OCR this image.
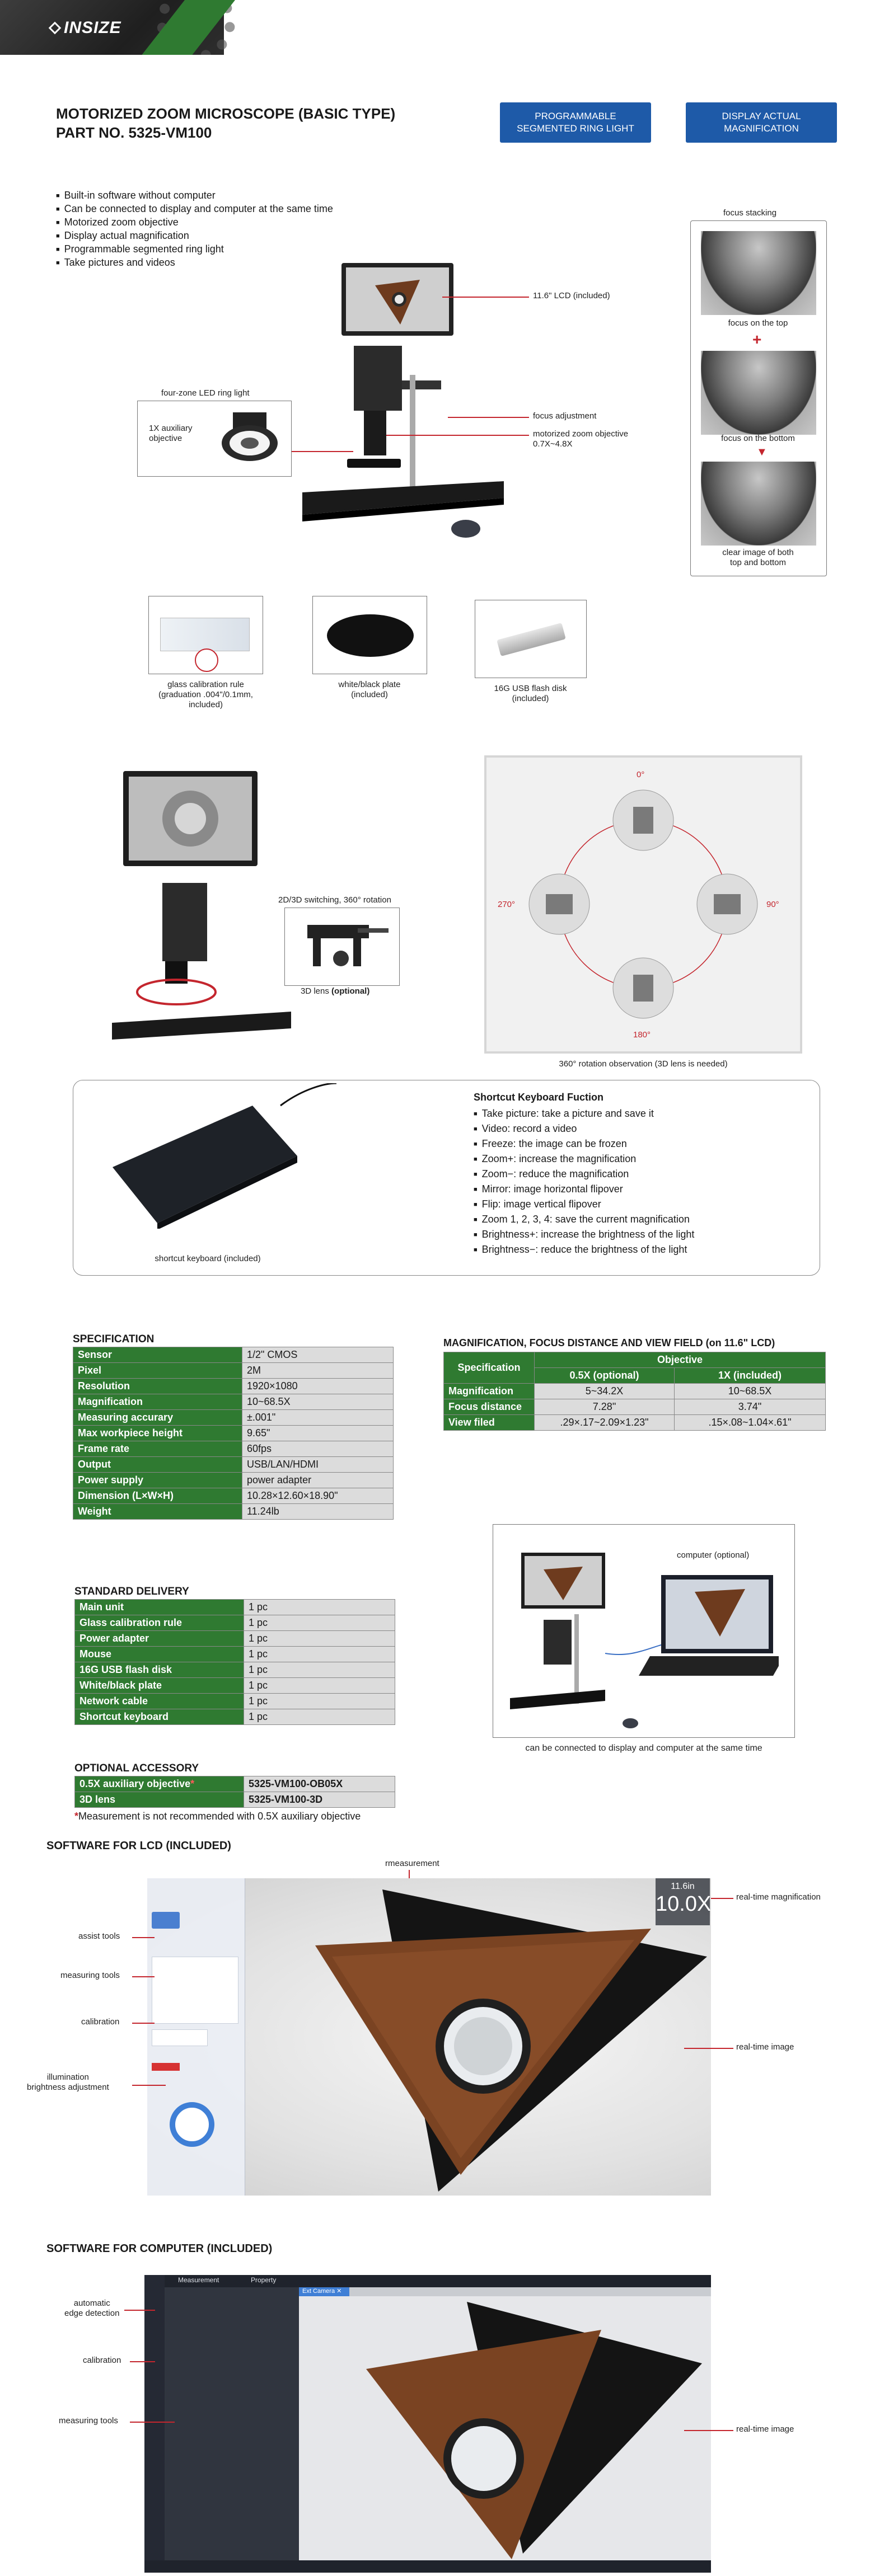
INSIZE
MOTORIZED ZOOM MICROSCOPE (BASIC TYPE)
PART NO. 5325-VM100
PROGRAMMABLE SEGMENTED RING LIGHT
DISPLAY ACTUAL MAGNIFICATION
■ Built-in software without computer
■ Can be connected to display and computer at the same time
■ Motorized zoom objective
■ Display actual magnification
■ Programmable segmented ring light
■ Take pictures and videos
11.6" LCD (included)
focus adjustment
motorized zoom objective
0.7X~4.8X
four-zone LED ring light
1X auxiliary
objective
focus stacking
focus on the top
+
focus on the bottom
▼
clear image of both
top and bottom
glass calibration rule
(graduation .004"/0.1mm,
included)
white/black plate
(included)
16G USB flash disk
(included)
2D/3D switching, 360° rotation
3D lens (optional)
0°
90°
180°
270°
360° rotation observation (3D lens is needed)
shortcut keyboard (included)
Shortcut Keyboard Fuction
■ Take picture: take a picture and save it
■ Video: record a video
■ Freeze: the image can be frozen
■ Zoom+: increase the magnification
■ Zoom−: reduce the magnification
■ Mirror: image horizontal flipover
■ Flip: image vertical flipover
■ Zoom 1, 2, 3, 4: save the current magnification
■ Brightness+: increase the brightness of the light
■ Brightness−: reduce the brightness of the light
SPECIFICATION
Sensor	1/2" CMOS
Pixel	2M
Resolution	1920×1080
Magnification	10~68.5X
Measuring accurary	±.001"
Max workpiece height	9.65"
Frame rate	60fps
Output	USB/LAN/HDMI
Power supply	power adapter
Dimension (L×W×H)	10.28×12.60×18.90"
Weight	11.24lb
MAGNIFICATION, FOCUS DISTANCE AND VIEW FIELD (on 11.6" LCD)
Specification	Objective	
	0.5X (optional)	1X (included)
Magnification	5~34.2X	10~68.5X
Focus distance	7.28"	3.74"
View filed	.29×.17~2.09×1.23"	.15×.08~1.04×.61"
computer (optional)
can be connected to display and computer at the same time
STANDARD DELIVERY
Main unit	1 pc
Glass calibration rule	1 pc
Power adapter	1 pc
Mouse	1 pc
16G USB flash disk	1 pc
White/black plate	1 pc
Network cable	1 pc
Shortcut keyboard	1 pc
OPTIONAL ACCESSORY
0.5X auxiliary objective*	5325-VM100-OB05X
3D lens	5325-VM100-3D
*Measurement is not recommended with 0.5X auxiliary objective
SOFTWARE FOR LCD (INCLUDED)
rmeasurement
11.6in
10.0X
assist tools
measuring tools
calibration
illumination
brightness adjustment
real-time magnification
real-time image
SOFTWARE FOR COMPUTER (INCLUDED)
Measurement	Property
Ext Camera ✕
automatic
edge detection
calibration
measuring tools
real-time image
